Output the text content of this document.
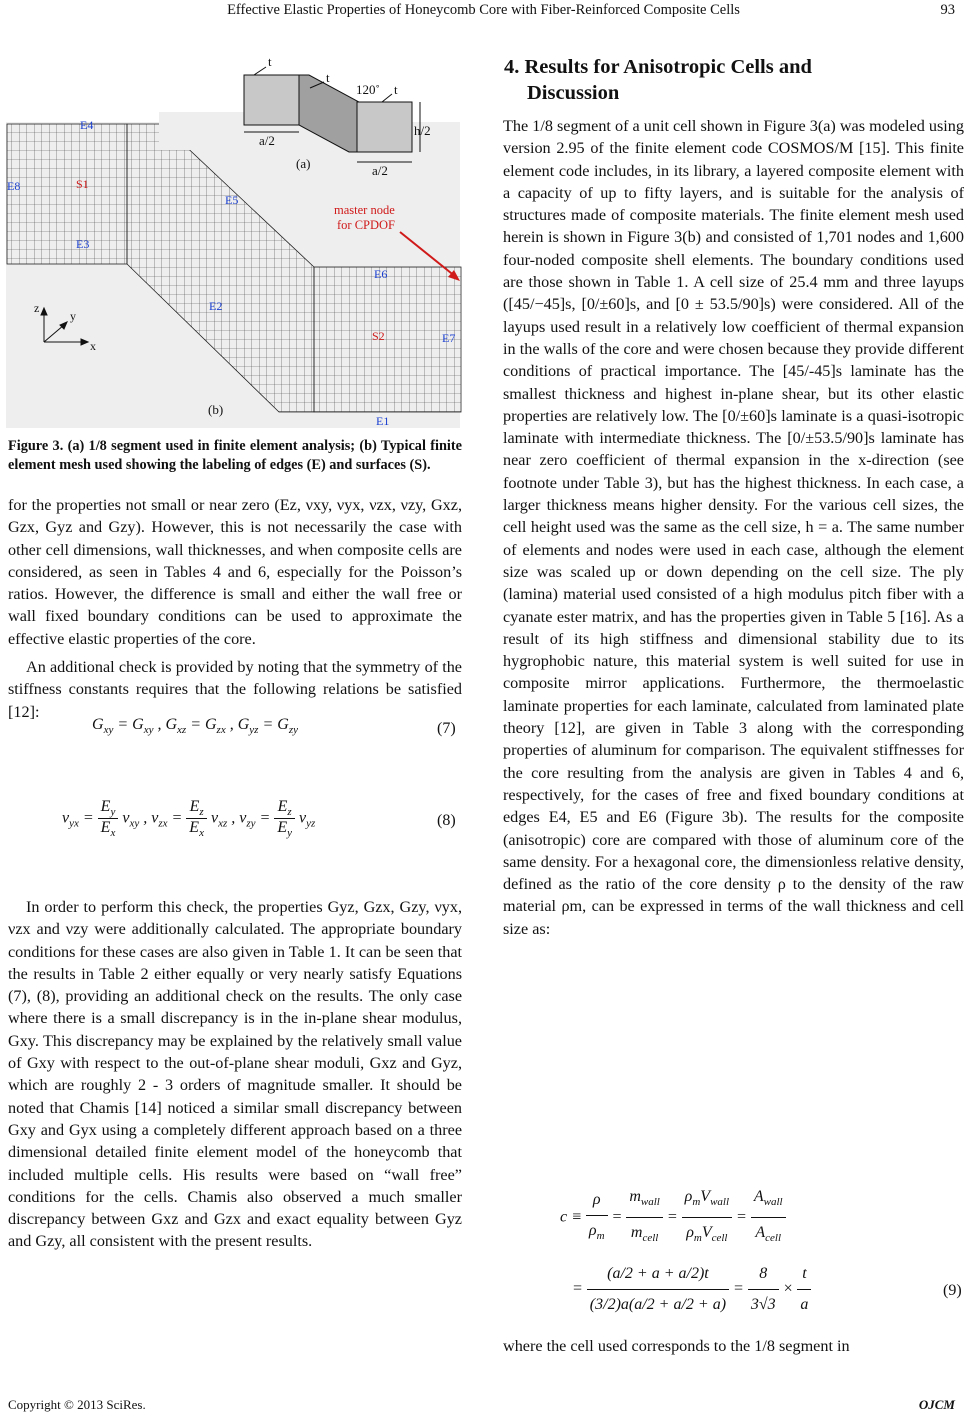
Effective Elastic Properties of Honeycomb Core with Fiber-Reinforced Composite Cells	93
t
t
t
120˚
a/2
a/2
h/2
(a)
E4
E8	S1
E3
E5
E2
E6
S2	E7
E1
(b)
master node
for CPDOF
z
y
x
Figure 3. (a) 1/8 segment used in finite element analysis; (b) Typical finite element mesh used showing the labeling of edges (E) and surfaces (S).

for the properties not small or near zero (Ez, νxy, νyx, νzx, νzy, Gxz, Gzx, Gyz and Gzy). However, this is not necessarily the case with other cell dimensions, wall thicknesses, and when composite cells are considered, as seen in Tables 4 and 6, especially for the Poisson’s ratios. However, the difference is small and either the wall free or wall fixed boundary conditions can be used to approximate the effective elastic properties of the core.

An additional check is provided by noting that the symmetry of the stiffness constants requires that the following relations be satisfied [12]:

$G_{xy} = G_{xy}$ , $G_{xz} = G_{zx}$ , $G_{yz} = G_{zy}$	(7)
$\nu_{yx} = \frac{E_y}{E_x} \nu_{xy}$ , $\nu_{zx} = \frac{E_z}{E_x} \nu_{xz}$ , $\nu_{zy} = \frac{E_z}{E_y} \nu_{yz}$	(8)

In order to perform this check, the properties Gyz, Gzx, Gzy, νyx, νzx and νzy were additionally calculated. The appropriate boundary conditions for these cases are also given in Table 1. It can be seen that the results in Table 2 either equally or very nearly satisfy Equations (7), (8), providing an additional check on the results. The only case where there is a small discrepancy is in the in-plane shear modulus, Gxy. This discrepancy may be explained by the relatively small value of Gxy with respect to the out-of-plane shear moduli, Gxz and Gyz, which are roughly 2 - 3 orders of magnitude smaller. It should be noted that Chamis [14] noticed a similar small discrepancy between Gxy and Gyx using a completely different approach based on a three dimensional detailed finite element model of the honeycomb that included multiple cells. His results were based on “wall free” conditions for the cells. Chamis also observed a much smaller discrepancy between Gxz and Gzx and exact equality between Gyz and Gzy, all consistent with the present results.

4. Results for Anisotropic Cells and
Discussion

The 1/8 segment of a unit cell shown in Figure 3(a) was modeled using version 2.95 of the finite element code COSMOS/M [15]. This finite element code includes, in its library, a layered composite element with a capacity of up to fifty layers, and is suitable for the analysis of structures made of composite materials. The finite element mesh used herein is shown in Figure 3(b) and consisted of 1,701 nodes and 1,600 four-noded composite shell elements. The boundary conditions used are those shown in Table 1. A cell size of 25.4 mm and three layups ([45/−45]s, [0/±60]s, and [0 ± 53.5/90]s) were considered. All of the layups used result in a relatively low coefficient of thermal expansion in the walls of the core and were chosen because they provide different conditions of practical importance. The [45/-45]s laminate has the smallest thickness and highest in-plane shear, but its other elastic properties are relatively low. The [0/±60]s laminate is a quasi-isotropic laminate with intermediate thickness. The [0/±53.5/90]s laminate has near zero coefficient of thermal expansion in the x-direction (see footnote under Table 3), but has the highest thickness. In each case, a larger thickness means higher density. For the various cell sizes, the cell height used was the same as the cell size, h = a. The same number of elements and nodes were used in each case, although the element size was scaled up or down depending on the cell size. The ply (lamina) material used consisted of a high modulus pitch fiber with a cyanate ester matrix, and has the properties given in Table 5 [16]. As a result of its high stiffness and dimensional stability due to its hygrophobic nature, this material system is well suited for use in composite mirror applications. Furthermore, the thermoelastic laminate properties for each laminate, calculated from laminated plate theory [12], are given in Table 3 along with the corresponding properties of aluminum for comparison. The equivalent stiffnesses for the core resulting from the analysis are given in Tables 4 and 6, respectively, for the cases of free and fixed boundary conditions at edges E4, E5 and E6 (Figure 3b). The results for the composite (anisotropic) core are compared with those of aluminum core of the same density. For a hexagonal core, the dimensionless relative density, defined as the ratio of the core density ρ to the density of the raw material ρm, can be expressed in terms of the wall thickness and cell size as:

$c \equiv \frac{\rho}{\rho_m} = \frac{m_{wall}}{m_{cell}} = \frac{\rho_mV_{wall}}{\rho_mV_{cell}} = \frac{A_{wall}}{A_{cell}}$
= $\frac{(a/2 + a + a/2)t}{(3/2)a(a/2 + a/2 + a)} = \frac{8}{3√3} \times \frac{t}{a}$	(9)

where the cell used corresponds to the 1/8 segment in

Copyright © 2013 SciRes.	OJCM
